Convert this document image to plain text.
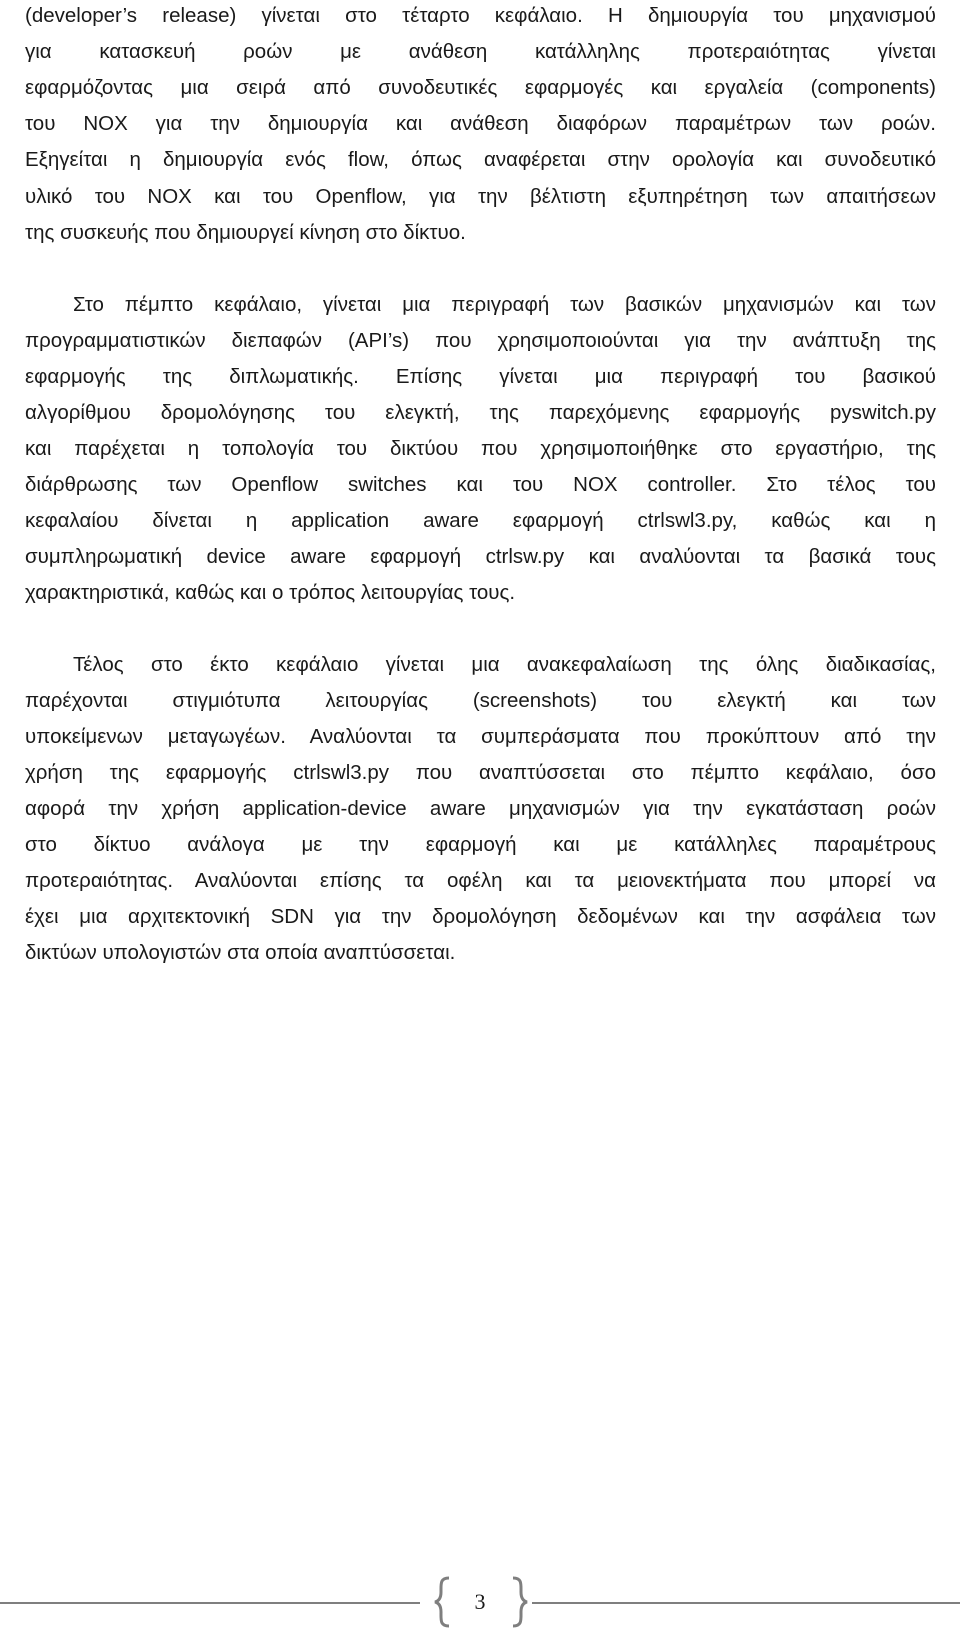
(developer’s release) γίνεται στο τέταρτο κεφάλαιο. Η δημιουργία του μηχανισμού
για κατασκευή ροών με ανάθεση κατάλληλης προτεραιότητας γίνεται
εφαρμόζοντας μια σειρά από συνοδευτικές εφαρμογές και εργαλεία (components)
του NOX για την δημιουργία και ανάθεση διαφόρων παραμέτρων των ροών.
Εξηγείται η δημιουργία ενός flow, όπως αναφέρεται στην ορολογία και συνοδευτικό
υλικό του NOX και του Openflow, για την βέλτιστη εξυπηρέτηση των απαιτήσεων
της συσκευής που δημιουργεί κίνηση στο δίκτυο.
Στο πέμπτο κεφάλαιο, γίνεται μια περιγραφή των βασικών μηχανισμών και των
προγραμματιστικών διεπαφών (API’s) που χρησιμοποιούνται για την ανάπτυξη της
εφαρμογής της διπλωματικής. Επίσης γίνεται μια περιγραφή του βασικού
αλγορίθμου δρομολόγησης του ελεγκτή, της παρεχόμενης εφαρμογής pyswitch.py
και παρέχεται η τοπολογία του δικτύου που χρησιμοποιήθηκε στο εργαστήριο, της
διάρθρωσης των Openflow switches και του NOX controller. Στο τέλος του
κεφαλαίου δίνεται η application aware εφαρμογή ctrlswl3.py, καθώς και η
συμπληρωματική device aware εφαρμογή ctrlsw.py και αναλύονται τα βασικά τους
χαρακτηριστικά, καθώς και ο τρόπος λειτουργίας τους.
Τέλος στο έκτο κεφάλαιο γίνεται μια ανακεφαλαίωση της όλης διαδικασίας,
παρέχονται στιγμιότυπα λειτουργίας (screenshots) του ελεγκτή και των
υποκείμενων μεταγωγέων. Αναλύονται τα συμπεράσματα που προκύπτουν από την
χρήση της εφαρμογής ctrlswl3.py που αναπτύσσεται στο πέμπτο κεφάλαιο, όσο
αφορά την χρήση application-device aware μηχανισμών για την εγκατάσταση ροών
στο δίκτυο ανάλογα με την εφαρμογή και με κατάλληλες παραμέτρους
προτεραιότητας. Αναλύονται επίσης τα οφέλη και τα μειονεκτήματα που μπορεί να
έχει μια αρχιτεκτονική SDN για την δρομολόγηση δεδομένων και την ασφάλεια των
δικτύων υπολογιστών στα οποία αναπτύσσεται.
3
